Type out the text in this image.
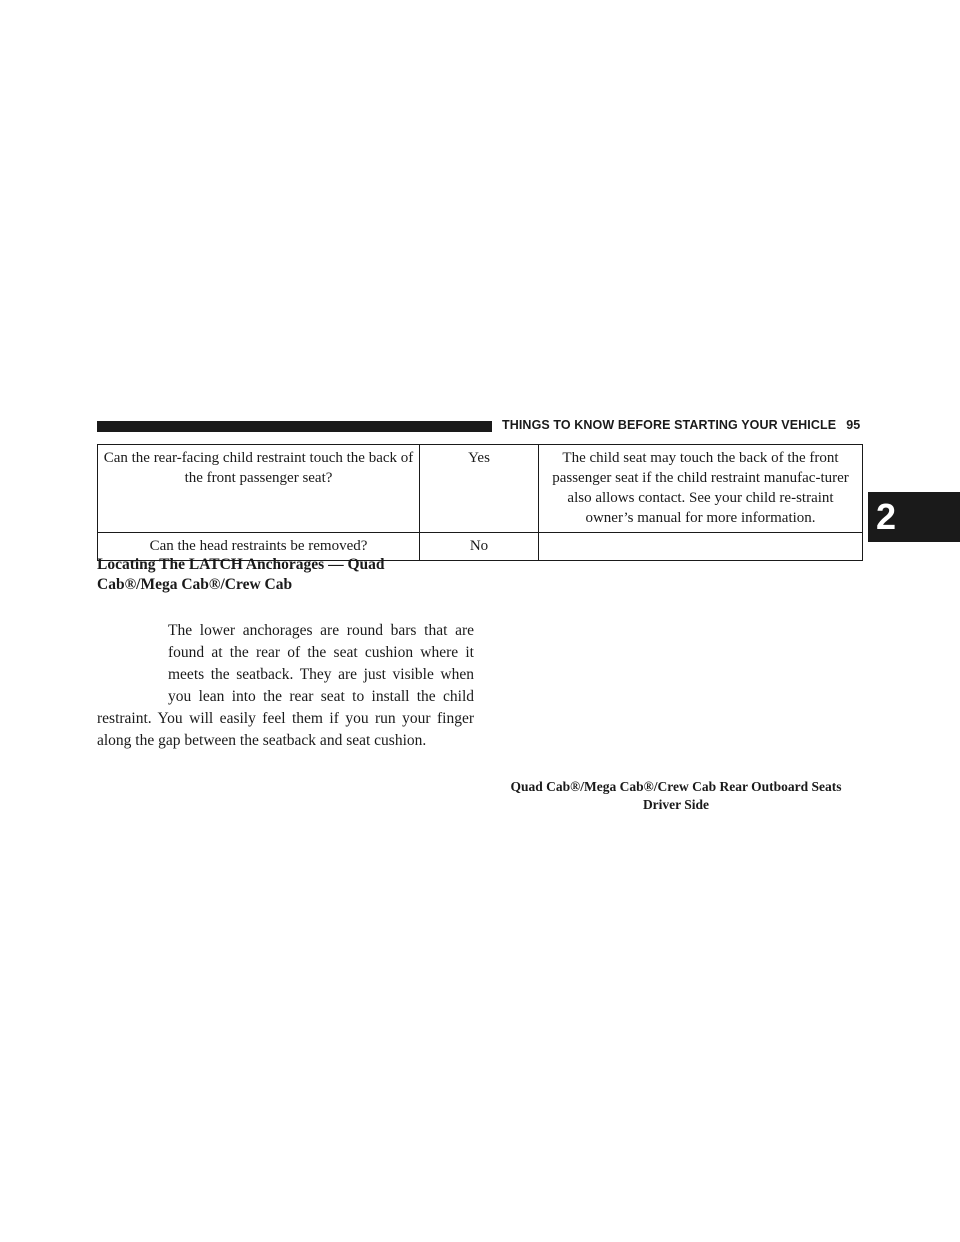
THINGS TO KNOW BEFORE STARTING YOUR VEHICLE 95
2
Can the rear-facing child restraint touch the back of the front passenger seat?	Yes	The child seat may touch the back of the front passenger seat if the child restraint manufac-turer also allows contact. See your child re-straint owner’s manual for more information.
Can the head restraints be removed?	No	
Locating The LATCH Anchorages — Quad Cab®/Mega Cab®/Crew Cab
The lower anchorages are round bars that are found at the rear of the seat cushion where it meets the seatback. They are just visible when you lean into the rear seat to install the child restraint. You will easily feel them if you run your finger along the gap between the seatback and seat cushion.
Quad Cab®/Mega Cab®/Crew Cab Rear Outboard Seats
Driver Side
